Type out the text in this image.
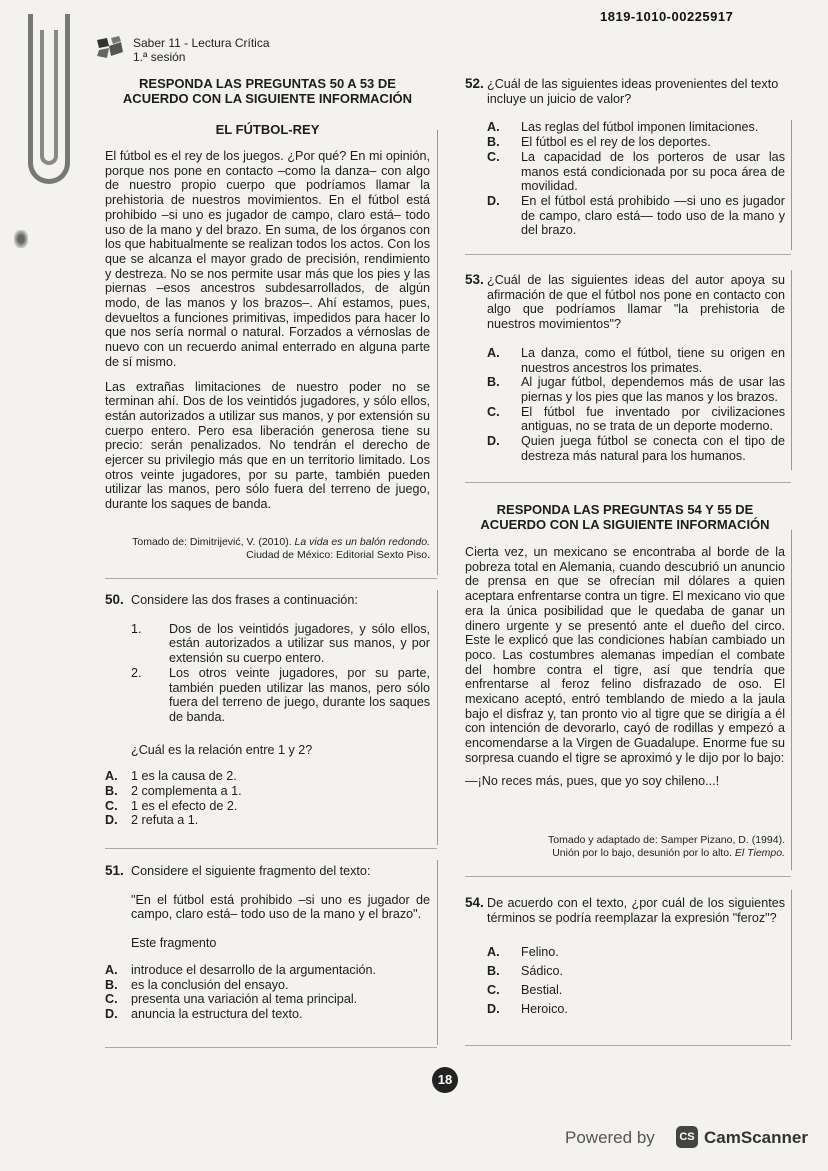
1819-1010-00225917
Saber 11 - Lectura Crítica
1.ª sesión
RESPONDA LAS PREGUNTAS 50 A 53 DE ACUERDO CON LA SIGUIENTE INFORMACIÓN
EL FÚTBOL-REY

El fútbol es el rey de los juegos. ¿Por qué? En mi opinión, porque nos pone en contacto –como la danza– con algo de nuestro propio cuerpo que podríamos llamar la prehistoria de nuestros movimientos. En el fútbol está prohibido –si uno es jugador de campo, claro está– todo uso de la mano y del brazo. En suma, de los órganos con los que habitualmente se realizan todos los actos. Con los que se alcanza el mayor grado de precisión, rendimiento y destreza. No se nos permite usar más que los pies y las piernas –esos ancestros subdesarrollados, de algún modo, de las manos y los brazos–. Ahí estamos, pues, devueltos a funciones primitivas, impedidos para hacer lo que nos sería normal o natural. Forzados a vérnoslas de nuevo con un recuerdo animal enterrado en alguna parte de sí mismo.

Las extrañas limitaciones de nuestro poder no se terminan ahí. Dos de los veintidós jugadores, y sólo ellos, están autorizados a utilizar sus manos, y por extensión su cuerpo entero. Pero esa liberación generosa tiene su precio: serán penalizados. No tendrán el derecho de ejercer su privilegio más que en un territorio limitado. Los otros veinte jugadores, por su parte, también pueden utilizar las manos, pero sólo fuera del terreno de juego, durante los saques de banda.

Tomado de: Dimitrijević, V. (2010). La vida es un balón redondo. Ciudad de México: Editorial Sexto Piso.
50. Considere las dos frases a continuación:
1.	Dos de los veintidós jugadores, y sólo ellos, están autorizados a utilizar sus manos, y por extensión su cuerpo entero.
2.	Los otros veinte jugadores, por su parte, también pueden utilizar las manos, pero sólo fuera del terreno de juego, durante los saques de banda.
¿Cuál es la relación entre 1 y 2?
A.	1 es la causa de 2.
B.	2 complementa a 1.
C.	1 es el efecto de 2.
D.	2 refuta a 1.
51. Considere el siguiente fragmento del texto:

"En el fútbol está prohibido –si uno es jugador de campo, claro está– todo uso de la mano y el brazo".

Este fragmento
A.	introduce el desarrollo de la argumentación.
B.	es la conclusión del ensayo.
C.	presenta una variación al tema principal.
D.	anuncia la estructura del texto.
52. ¿Cuál de las siguientes ideas provenientes del texto incluye un juicio de valor?
A.	Las reglas del fútbol imponen limitaciones.
B.	El fútbol es el rey de los deportes.
C.	La capacidad de los porteros de usar las manos está condicionada por su poca área de movilidad.
D.	En el fútbol está prohibido —si uno es jugador de campo, claro está— todo uso de la mano y del brazo.
53. ¿Cuál de las siguientes ideas del autor apoya su afirmación de que el fútbol nos pone en contacto con algo que podríamos llamar "la prehistoria de nuestros movimientos"?
A.	La danza, como el fútbol, tiene su origen en nuestros ancestros los primates.
B.	Al jugar fútbol, dependemos más de usar las piernas y los pies que las manos y los brazos.
C.	El fútbol fue inventado por civilizaciones antiguas, no se trata de un deporte moderno.
D.	Quien juega fútbol se conecta con el tipo de destreza más natural para los humanos.
RESPONDA LAS PREGUNTAS 54 Y 55 DE ACUERDO CON LA SIGUIENTE INFORMACIÓN

Cierta vez, un mexicano se encontraba al borde de la pobreza total en Alemania, cuando descubrió un anuncio de prensa en que se ofrecían mil dólares a quien aceptara enfrentarse contra un tigre. El mexicano vio que era la única posibilidad que le quedaba de ganar un dinero urgente y se presentó ante el dueño del circo. Este le explicó que las condiciones habían cambiado un poco. Las costumbres alemanas impedían el combate del hombre contra el tigre, así que tendría que enfrentarse al feroz felino disfrazado de oso. El mexicano aceptó, entró temblando de miedo a la jaula bajo el disfraz y, tan pronto vio al tigre que se dirigía a él con intención de devorarlo, cayó de rodillas y empezó a encomendarse a la Virgen de Guadalupe. Enorme fue su sorpresa cuando el tigre se aproximó y le dijo por lo bajo:

—¡No reces más, pues, que yo soy chileno...!

Tomado y adaptado de: Samper Pizano, D. (1994). Unión por lo bajo, desunión por lo alto. El Tiempo.
54. De acuerdo con el texto, ¿por cuál de los siguientes términos se podría reemplazar la expresión "feroz"?
A.	Felino.
B.	Sádico.
C.	Bestial.
D.	Heroico.
18
Powered by	CS CamScanner
